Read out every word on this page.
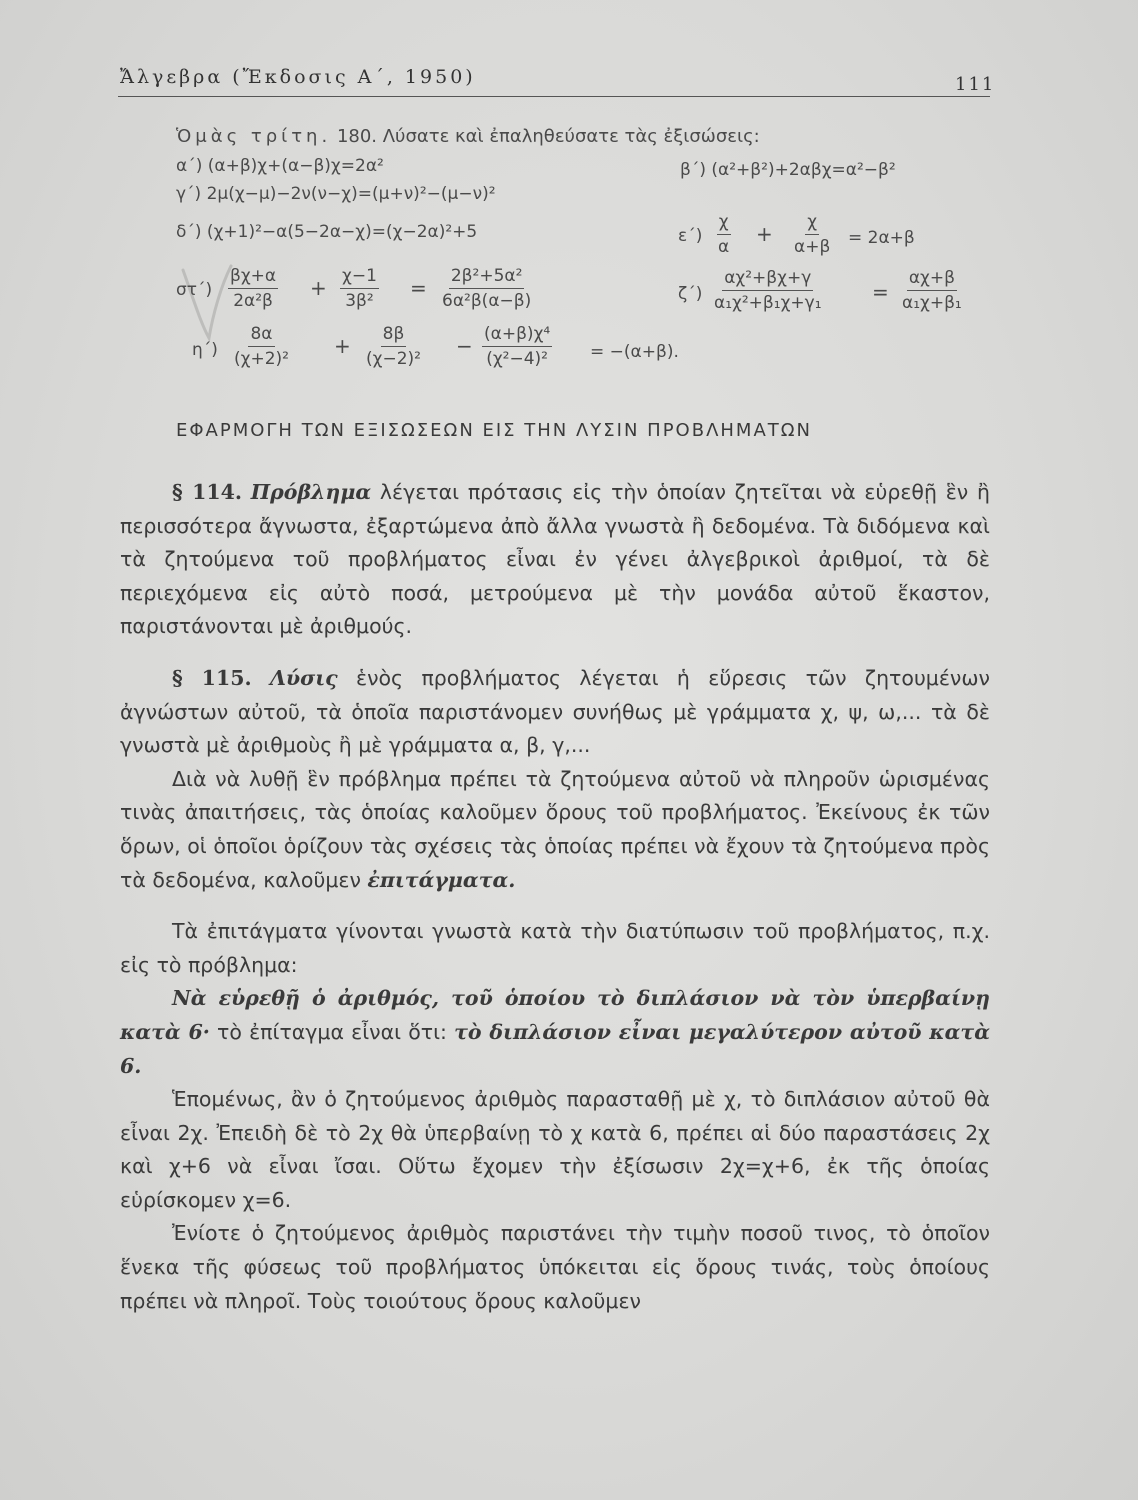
Ἄλγεβρα (Ἔκδοσις Α΄, 1950)	111
Ὁμὰς τρίτη. 180. Λύσατε καὶ ἐπαληθεύσατε τὰς ἐξισώσεις:
α΄) (α+β)χ+(α−β)χ=2α²	β΄) (α²+β²)+2αβχ=α²−β²
γ΄) 2μ(χ−μ)−2ν(ν−χ)=(μ+ν)²−(μ−ν)²
δ΄) (χ+1)²−α(5−2α−χ)=(χ−2α)²+5	$\varepsilon΄) \frac{\chi}{\alpha} + \frac{\chi}{\alpha+\beta} = 2\alpha+\beta$
$\sigma\tau΄) \frac{\beta\chi+\alpha}{\text{2α²β}} + \frac{\chi-1}{\text{3β²}} = \frac{\text{2β²+5α²}}{\text{6α²β(α−β)}}$	$\zeta΄) \frac{\text{αχ²+βχ+γ}}{\text{α₁χ²+β₁χ+γ₁}} = \frac{\alpha\chi+\beta}{\text{α₁χ+β₁}}$
$\eta΄) \frac{8\alpha}{\text{(χ+2)²}} + \frac{8\beta}{\text{(χ−2)²}} - \frac{\text{(α+β)χ⁴}}{\text{(χ²−4)²}} = -(\alpha+\beta)$.
ΕΦΑΡΜΟΓΗ ΤΩΝ ΕΞΙΣΩΣΕΩΝ ΕΙΣ ΤΗΝ ΛΥΣΙΝ ΠΡΟΒΛΗΜΑΤΩΝ

§ 114. Πρόβλημα λέγεται πρότασις εἰς τὴν ὁποίαν ζητεῖται νὰ εὑρεθῇ ἓν ἢ περισσότερα ἄγνωστα, ἐξαρτώμενα ἀπὸ ἄλλα γνωστὰ ἢ δεδομένα. Τὰ διδόμενα καὶ τὰ ζητούμενα τοῦ προβλήματος εἶναι ἐν γένει ἀλγεβρικοὶ ἀριθμοί, τὰ δὲ περιεχόμενα εἰς αὐτὸ ποσά, μετρούμενα μὲ τὴν μονάδα αὐτοῦ ἕκαστον, παριστάνονται μὲ ἀριθμούς.

§ 115. Λύσις ἑνὸς προβλήματος λέγεται ἡ εὕρεσις τῶν ζητουμένων ἀγνώστων αὐτοῦ, τὰ ὁποῖα παριστάνομεν συνήθως μὲ γράμματα χ, ψ, ω,... τὰ δὲ γνωστὰ μὲ ἀριθμοὺς ἢ μὲ γράμματα α, β, γ,...

Διὰ νὰ λυθῇ ἓν πρόβλημα πρέπει τὰ ζητούμενα αὐτοῦ νὰ πληροῦν ὡρισμένας τινὰς ἀπαιτήσεις, τὰς ὁποίας καλοῦμεν ὅρους τοῦ προβλήματος. Ἐκείνους ἐκ τῶν ὅρων, οἱ ὁποῖοι ὁρίζουν τὰς σχέσεις τὰς ὁποίας πρέπει νὰ ἔχουν τὰ ζητούμενα πρὸς τὰ δεδομένα, καλοῦμεν ἐπιτάγματα.

Τὰ ἐπιτάγματα γίνονται γνωστὰ κατὰ τὴν διατύπωσιν τοῦ προβλήματος, π.χ. εἰς τὸ πρόβλημα:

Νὰ εὑρεθῇ ὁ ἀριθμός, τοῦ ὁποίου τὸ διπλάσιον νὰ τὸν ὑπερβαίνῃ κατὰ 6· τὸ ἐπίταγμα εἶναι ὅτι: τὸ διπλάσιον εἶναι μεγαλύτερον αὐτοῦ κατὰ 6.

Ἑπομένως, ἂν ὁ ζητούμενος ἀριθμὸς παρασταθῇ μὲ χ, τὸ διπλάσιον αὐτοῦ θὰ εἶναι 2χ. Ἐπειδὴ δὲ τὸ 2χ θὰ ὑπερβαίνῃ τὸ χ κατὰ 6, πρέπει αἱ δύο παραστάσεις 2χ καὶ χ+6 νὰ εἶναι ἴσαι. Οὕτω ἔχομεν τὴν ἐξίσωσιν 2χ=χ+6, ἐκ τῆς ὁποίας εὑρίσκομεν χ=6.

Ἐνίοτε ὁ ζητούμενος ἀριθμὸς παριστάνει τὴν τιμὴν ποσοῦ τινος, τὸ ὁποῖον ἕνεκα τῆς φύσεως τοῦ προβλήματος ὑπόκειται εἰς ὅρους τινάς, τοὺς ὁποίους πρέπει νὰ πληροῖ. Τοὺς τοιούτους ὅρους καλοῦμεν
